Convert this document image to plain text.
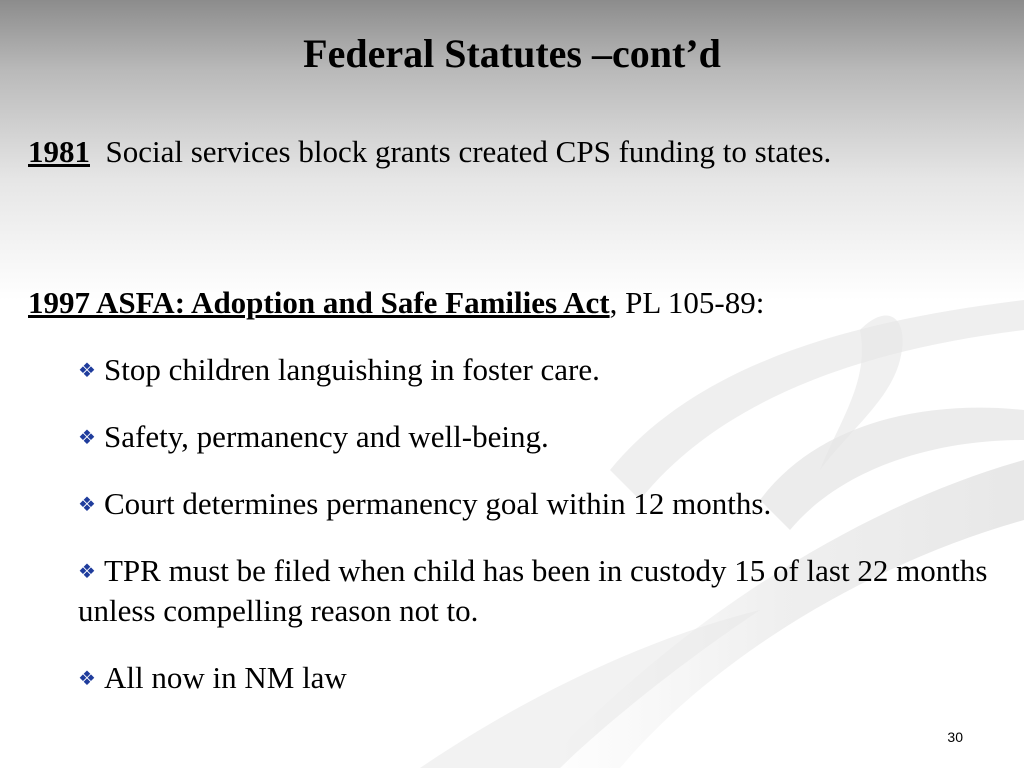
Federal Statutes –cont’d
1981  Social services block grants created CPS funding to states.
1997 ASFA: Adoption and Safe Families Act, PL 105-89:
❖ Stop children languishing in foster care.
❖ Safety, permanency and well-being.
❖ Court determines permanency goal within 12 months.
❖ TPR must be filed when child has been in custody 15 of last 22 months unless compelling reason not to.
❖ All now in NM law
30
